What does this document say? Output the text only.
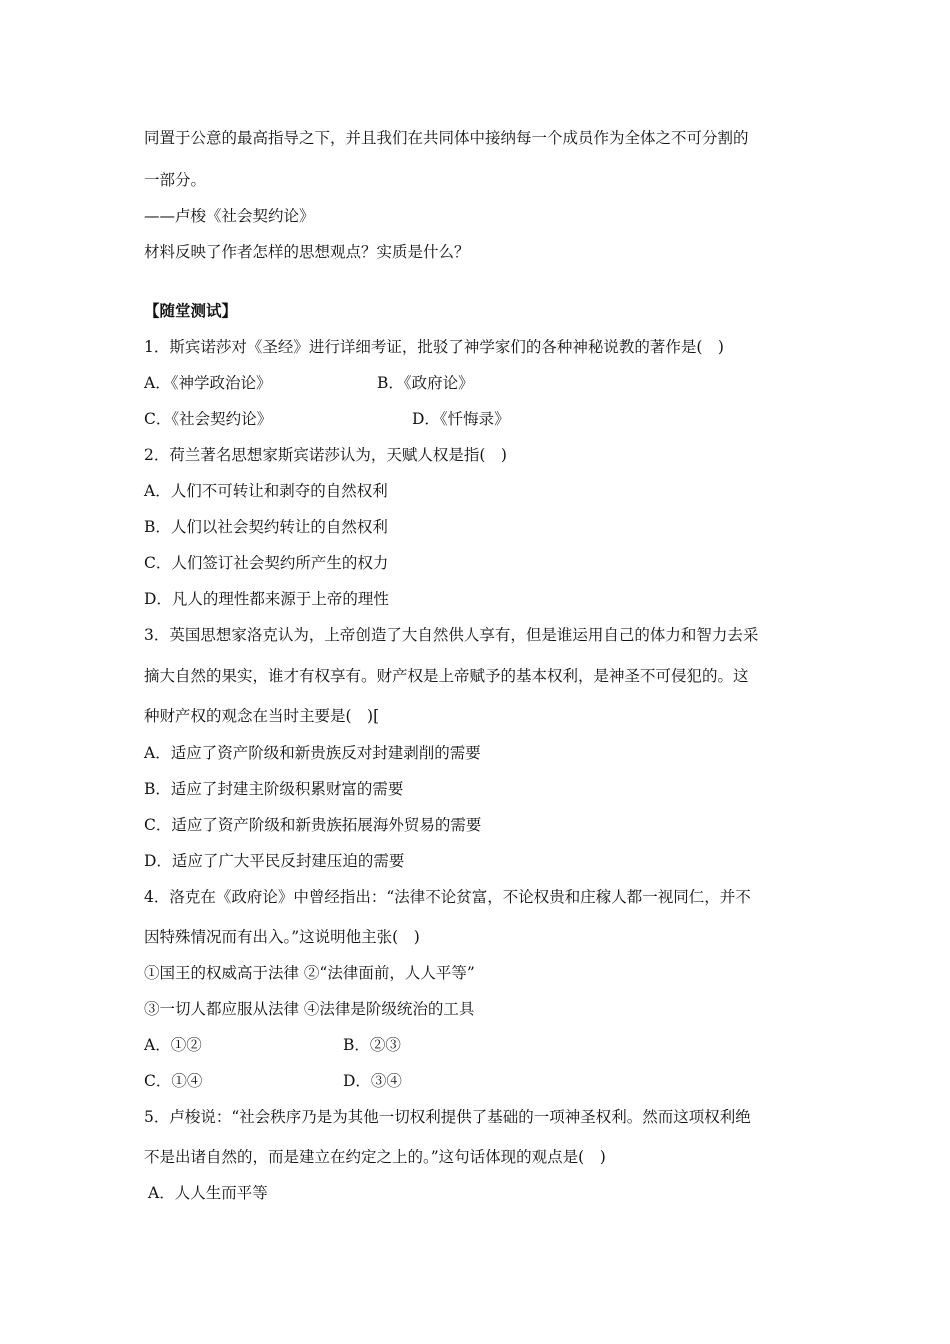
同置于公意的最高指导之下，并且我们在共同体中接纳每一个成员作为全体之不可分割的
一部分。
——卢梭《社会契约论》
材料反映了作者怎样的思想观点？实质是什么？
【随堂测试】
1．斯宾诺莎对《圣经》进行详细考证，批驳了神学家们的各种神秘说教的著作是(　)
A．《神学政治论》	B．《政府论》
C．《社会契约论》	D．《忏悔录》
2．荷兰著名思想家斯宾诺莎认为，天赋人权是指(　)
A．人们不可转让和剥夺的自然权利
B．人们以社会契约转让的自然权利
C．人们签订社会契约所产生的权力
D．凡人的理性都来源于上帝的理性
3．英国思想家洛克认为，上帝创造了大自然供人享有，但是谁运用自己的体力和智力去采
摘大自然的果实，谁才有权享有。财产权是上帝赋予的基本权利，是神圣不可侵犯的。这
种财产权的观念在当时主要是(　)[
A．适应了资产阶级和新贵族反对封建剥削的需要
B．适应了封建主阶级积累财富的需要
C．适应了资产阶级和新贵族拓展海外贸易的需要
D．适应了广大平民反封建压迫的需要
4．洛克在《政府论》中曾经指出：“法律不论贫富，不论权贵和庄稼人都一视同仁，并不
因特殊情况而有出入。”这说明他主张(　)
①国王的权威高于法律 ②“法律面前，人人平等”
③一切人都应服从法律 ④法律是阶级统治的工具
A．①②	B．②③
C．①④	D．③④
5．卢梭说：“社会秩序乃是为其他一切权利提供了基础的一项神圣权利。然而这项权利绝
不是出诸自然的，而是建立在约定之上的。”这句话体现的观点是(　)
A．人人生而平等
